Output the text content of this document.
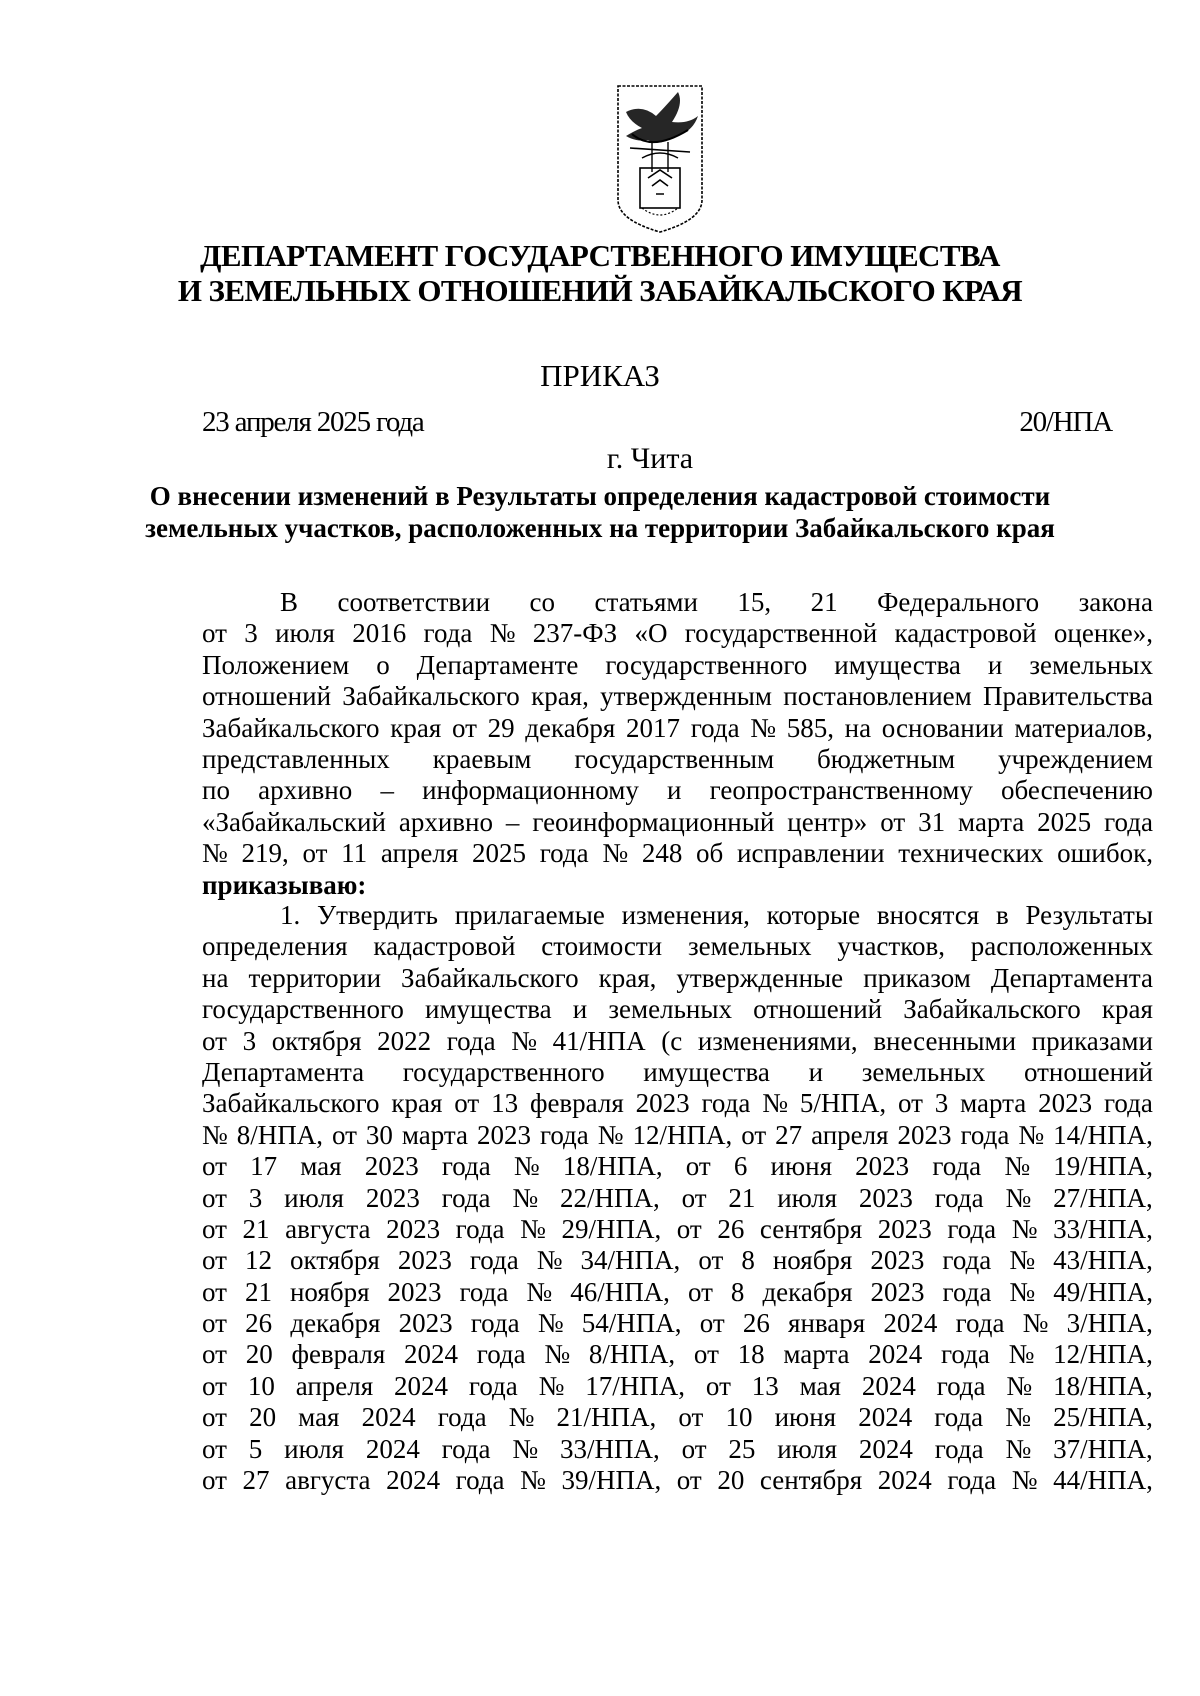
ДЕПАРТАМЕНТ ГОСУДАРСТВЕННОГО ИМУЩЕСТВА
И ЗЕМЕЛЬНЫХ ОТНОШЕНИЙ ЗАБАЙКАЛЬСКОГО КРАЯ
ПРИКАЗ
23 апреля 2025 года	20/НПА
г. Чита
О внесении изменений в Результаты определения кадастровой стоимости
земельных участков, расположенных на территории Забайкальского края
В соответствии со статьями 15, 21 Федерального закона
от 3 июля 2016 года № 237-ФЗ «О государственной кадастровой оценке»,
Положением о Департаменте государственного имущества и земельных
отношений Забайкальского края, утвержденным постановлением Правительства
Забайкальского края от 29 декабря 2017 года № 585, на основании материалов,
представленных краевым государственным бюджетным учреждением
по архивно – информационному и геопространственному обеспечению
«Забайкальский архивно – геоинформационный центр» от 31 марта 2025 года
№ 219, от 11 апреля 2025 года № 248 об исправлении технических ошибок,
приказываю:
1. Утвердить прилагаемые изменения, которые вносятся в Результаты
определения кадастровой стоимости земельных участков, расположенных
на территории Забайкальского края, утвержденные приказом Департамента
государственного имущества и земельных отношений Забайкальского края
от 3 октября 2022 года № 41/НПА (с изменениями, внесенными приказами
Департамента государственного имущества и земельных отношений
Забайкальского края от 13 февраля 2023 года № 5/НПА, от 3 марта 2023 года
№ 8/НПА, от 30 марта 2023 года № 12/НПА, от 27 апреля 2023 года № 14/НПА,
от 17 мая 2023 года № 18/НПА, от 6 июня 2023 года № 19/НПА,
от 3 июля 2023 года № 22/НПА, от 21 июля 2023 года № 27/НПА,
от 21 августа 2023 года № 29/НПА, от 26 сентября 2023 года № 33/НПА,
от 12 октября 2023 года № 34/НПА, от 8 ноября 2023 года № 43/НПА,
от 21 ноября 2023 года № 46/НПА, от 8 декабря 2023 года № 49/НПА,
от 26 декабря 2023 года № 54/НПА, от 26 января 2024 года № 3/НПА,
от 20 февраля 2024 года № 8/НПА, от 18 марта 2024 года № 12/НПА,
от 10 апреля 2024 года № 17/НПА, от 13 мая 2024 года № 18/НПА,
от 20 мая 2024 года № 21/НПА, от 10 июня 2024 года № 25/НПА,
от 5 июля 2024 года № 33/НПА, от 25 июля 2024 года № 37/НПА,
от 27 августа 2024 года № 39/НПА, от 20 сентября 2024 года № 44/НПА,
